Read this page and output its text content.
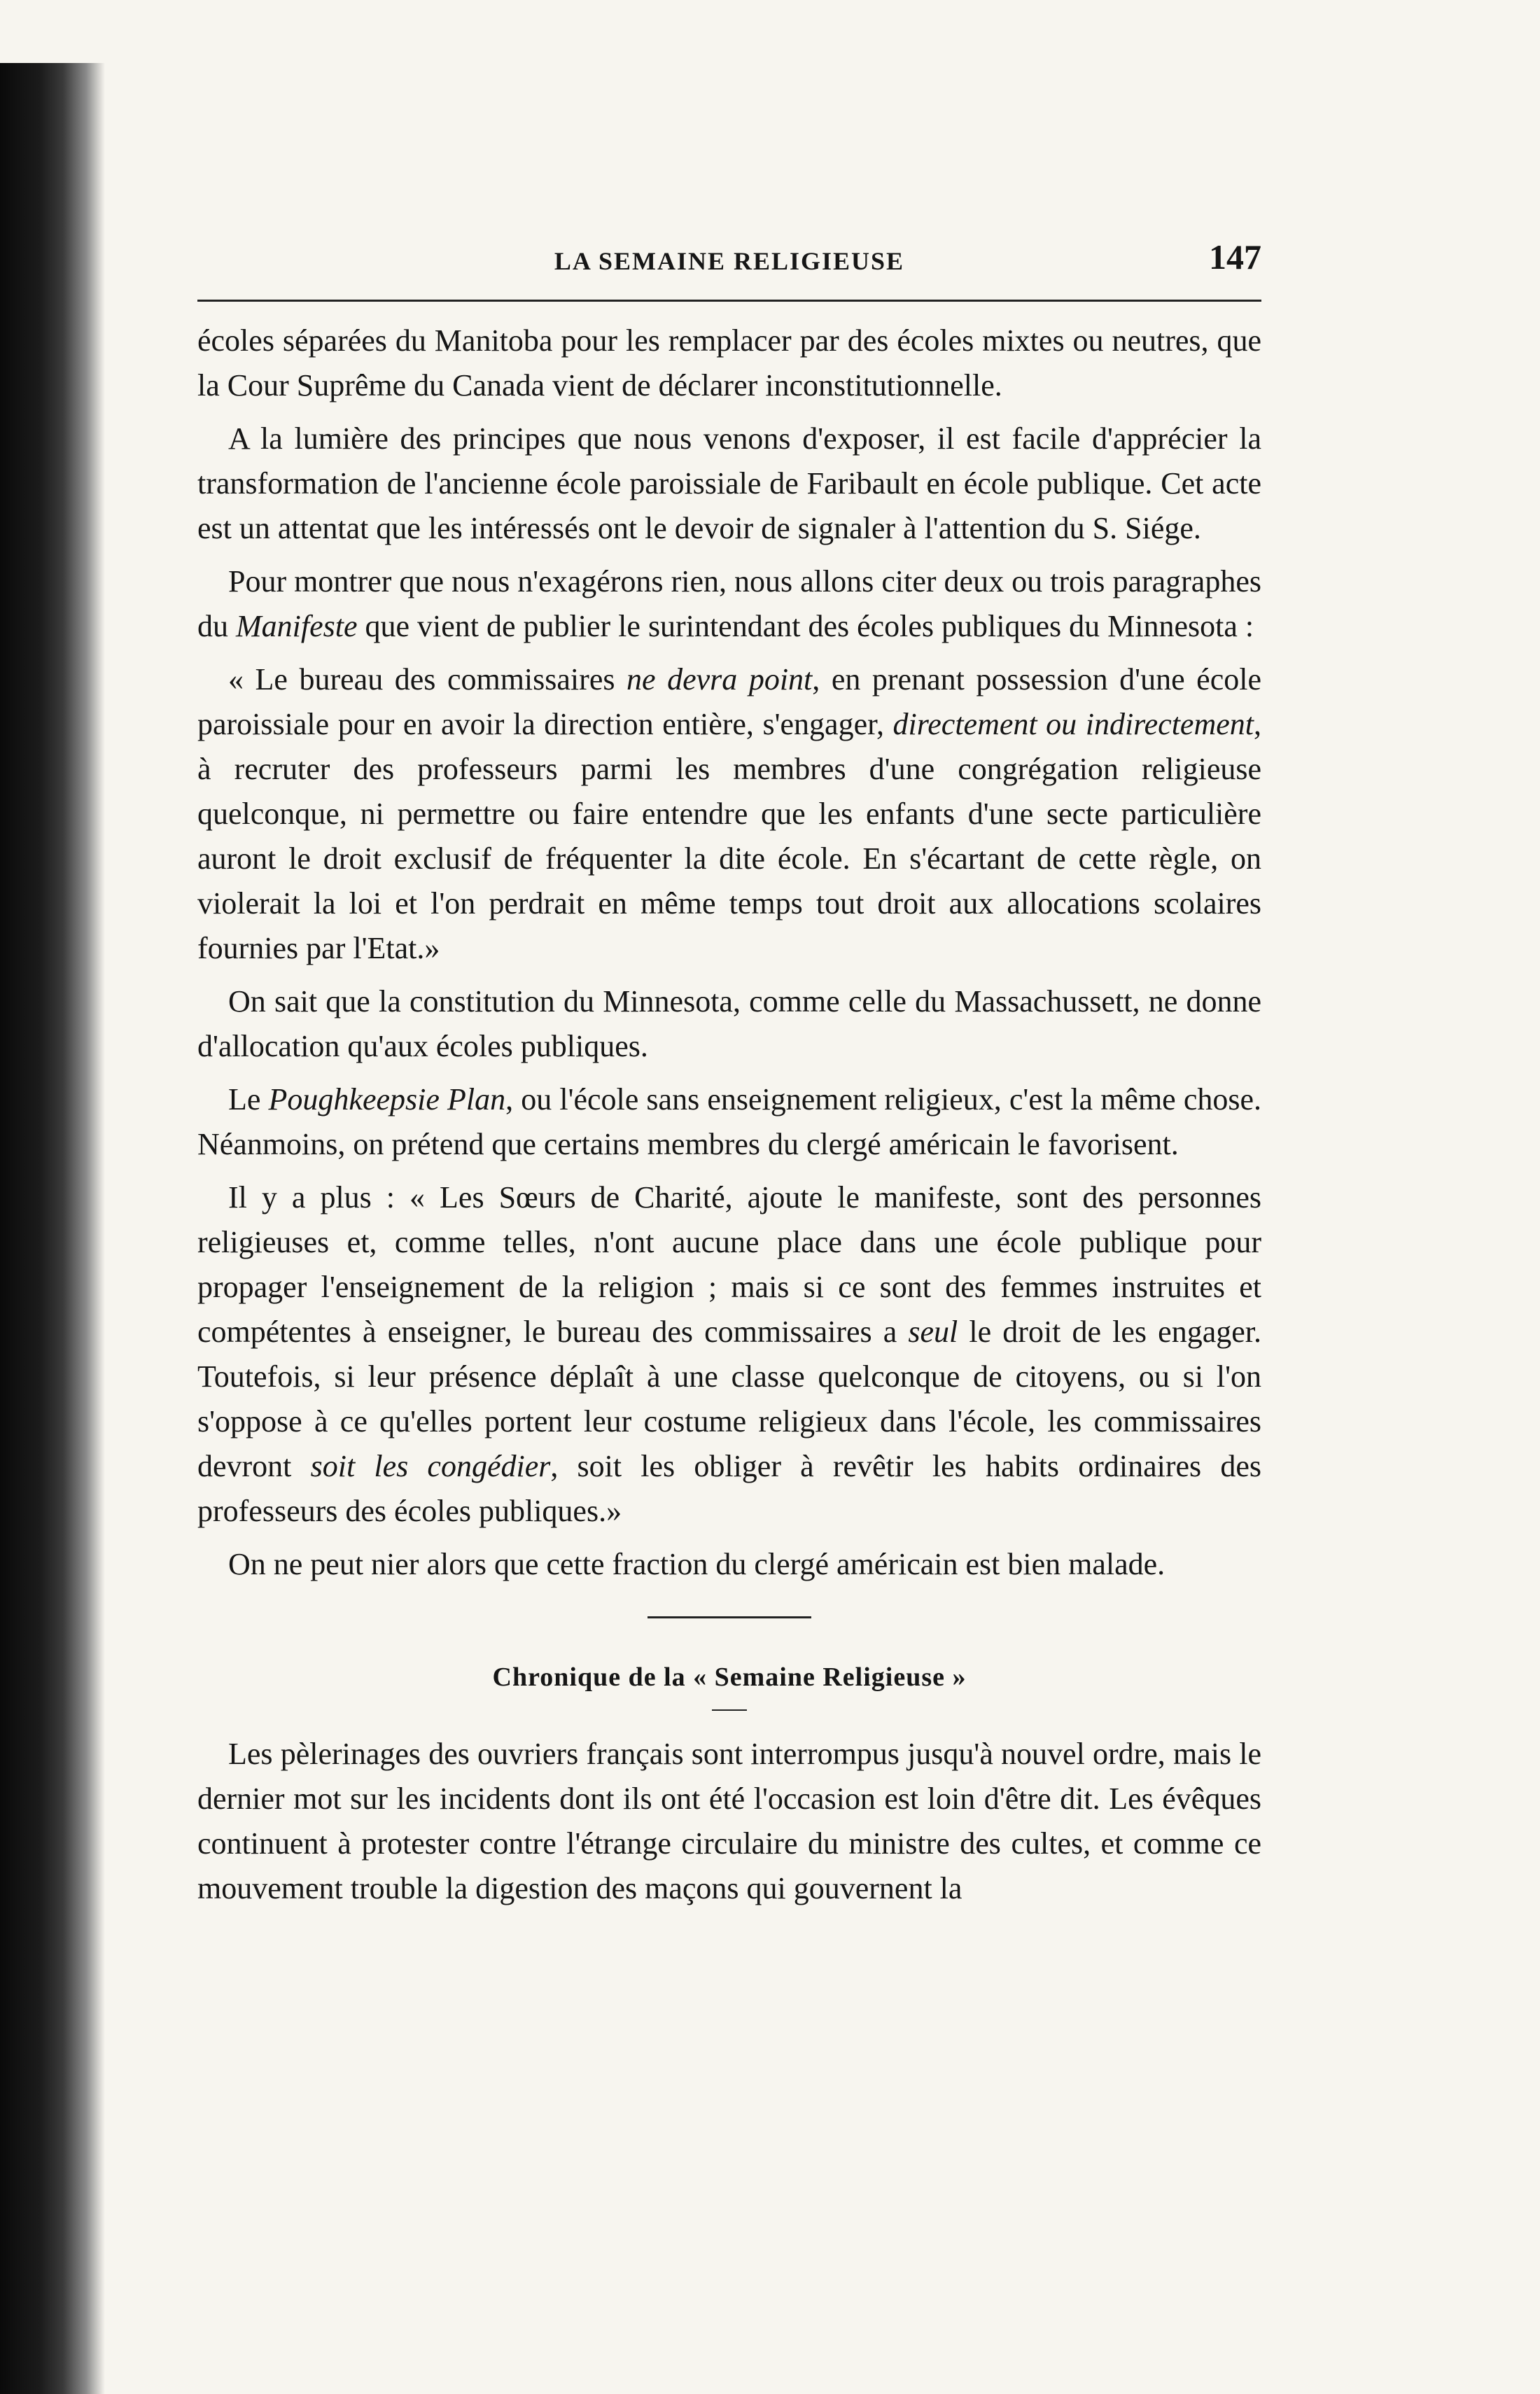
LA SEMAINE RELIGIEUSE	147

écoles séparées du Manitoba pour les remplacer par des écoles mixtes ou neutres, que la Cour Suprême du Canada vient de déclarer inconstitutionnelle.

A la lumière des principes que nous venons d'exposer, il est facile d'apprécier la transformation de l'ancienne école paroissiale de Faribault en école publique. Cet acte est un attentat que les intéressés ont le devoir de signaler à l'attention du S. Siége.

Pour montrer que nous n'exagérons rien, nous allons citer deux ou trois paragraphes du Manifeste que vient de publier le surintendant des écoles publiques du Minnesota :

« Le bureau des commissaires ne devra point, en prenant possession d'une école paroissiale pour en avoir la direction entière, s'engager, directement ou indirectement, à recruter des professeurs parmi les membres d'une congrégation religieuse quelconque, ni permettre ou faire entendre que les enfants d'une secte particulière auront le droit exclusif de fréquenter la dite école. En s'écartant de cette règle, on violerait la loi et l'on perdrait en même temps tout droit aux allocations scolaires fournies par l'Etat.»

On sait que la constitution du Minnesota, comme celle du Massachussett, ne donne d'allocation qu'aux écoles publiques.

Le Poughkeepsie Plan, ou l'école sans enseignement religieux, c'est la même chose. Néanmoins, on prétend que certains membres du clergé américain le favorisent.

Il y a plus : « Les Sœurs de Charité, ajoute le manifeste, sont des personnes religieuses et, comme telles, n'ont aucune place dans une école publique pour propager l'enseignement de la religion ; mais si ce sont des femmes instruites et compétentes à enseigner, le bureau des commissaires a seul le droit de les engager. Toutefois, si leur présence déplaît à une classe quelconque de citoyens, ou si l'on s'oppose à ce qu'elles portent leur costume religieux dans l'école, les commissaires devront soit les congédier, soit les obliger à revêtir les habits ordinaires des professeurs des écoles publiques.»

On ne peut nier alors que cette fraction du clergé américain est bien malade.

Chronique de la « Semaine Religieuse »

Les pèlerinages des ouvriers français sont interrompus jusqu'à nouvel ordre, mais le dernier mot sur les incidents dont ils ont été l'occasion est loin d'être dit. Les évêques continuent à protester contre l'étrange circulaire du ministre des cultes, et comme ce mouvement trouble la digestion des maçons qui gouvernent la
